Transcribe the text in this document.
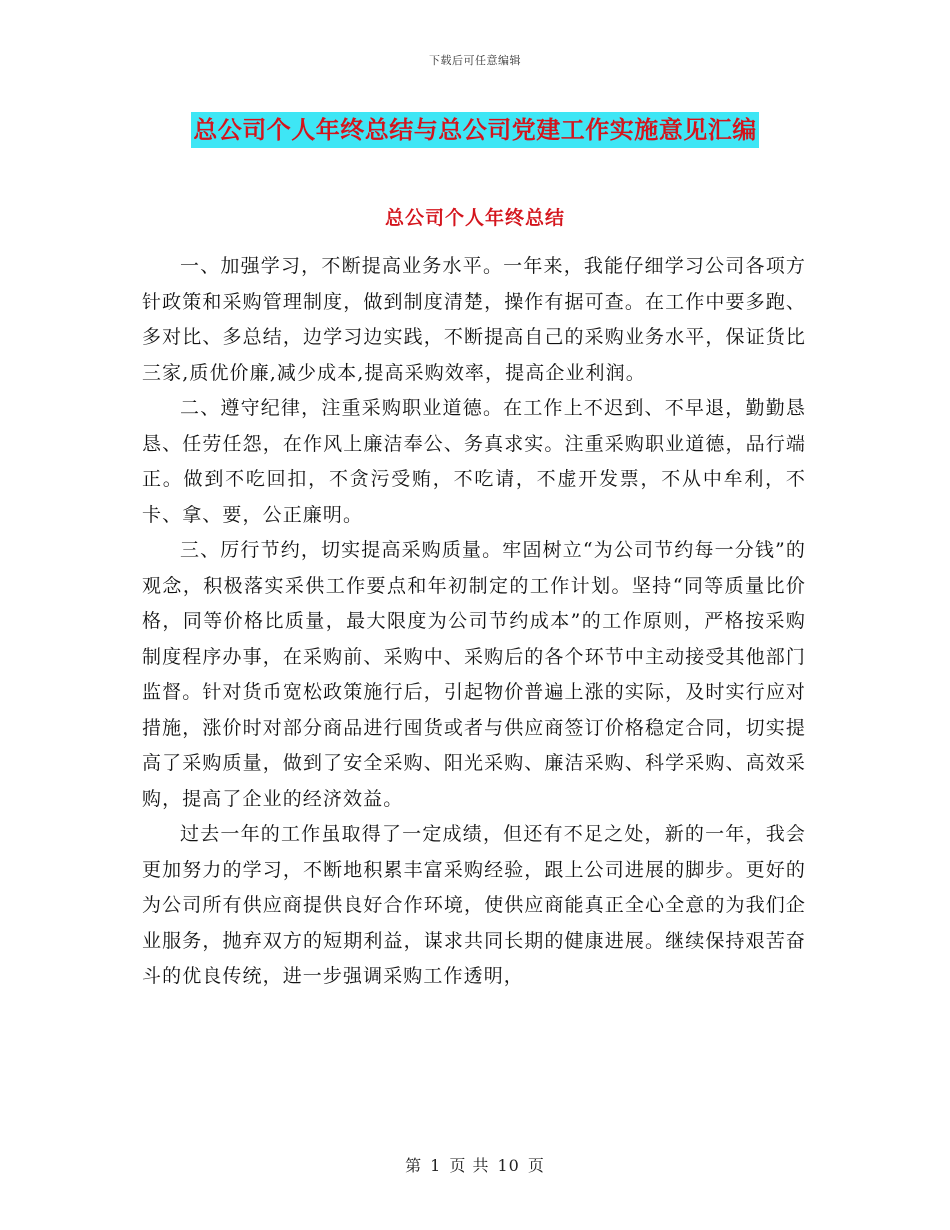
下载后可任意编辑
总公司个人年终总结与总公司党建工作实施意见汇编
总公司个人年终总结

一、加强学习，不断提高业务水平。一年来，我能仔细学习公司各项方针政策和采购管理制度，做到制度清楚，操作有据可查。在工作中要多跑、多对比、多总结，边学习边实践，不断提高自己的采购业务水平，保证货比三家,质优价廉,减少成本,提高采购效率，提高企业利润。

二、遵守纪律，注重采购职业道德。在工作上不迟到、不早退，勤勤恳恳、任劳任怨，在作风上廉洁奉公、务真求实。注重采购职业道德，品行端正。做到不吃回扣，不贪污受贿，不吃请，不虚开发票，不从中牟利，不卡、拿、要，公正廉明。

三、厉行节约，切实提高采购质量。牢固树立“为公司节约每一分钱”的观念，积极落实采供工作要点和年初制定的工作计划。坚持“同等质量比价格，同等价格比质量，最大限度为公司节约成本”的工作原则，严格按采购制度程序办事，在采购前、采购中、采购后的各个环节中主动接受其他部门监督。针对货币宽松政策施行后，引起物价普遍上涨的实际，及时实行应对措施，涨价时对部分商品进行囤货或者与供应商签订价格稳定合同，切实提高了采购质量，做到了安全采购、阳光采购、廉洁采购、科学采购、高效采购，提高了企业的经济效益。

过去一年的工作虽取得了一定成绩，但还有不足之处，新的一年，我会更加努力的学习，不断地积累丰富采购经验，跟上公司进展的脚步。更好的为公司所有供应商提供良好合作环境，使供应商能真正全心全意的为我们企业服务，抛弃双方的短期利益，谋求共同长期的健康进展。继续保持艰苦奋斗的优良传统，进一步强调采购工作透明，

第 1 页 共 10 页
